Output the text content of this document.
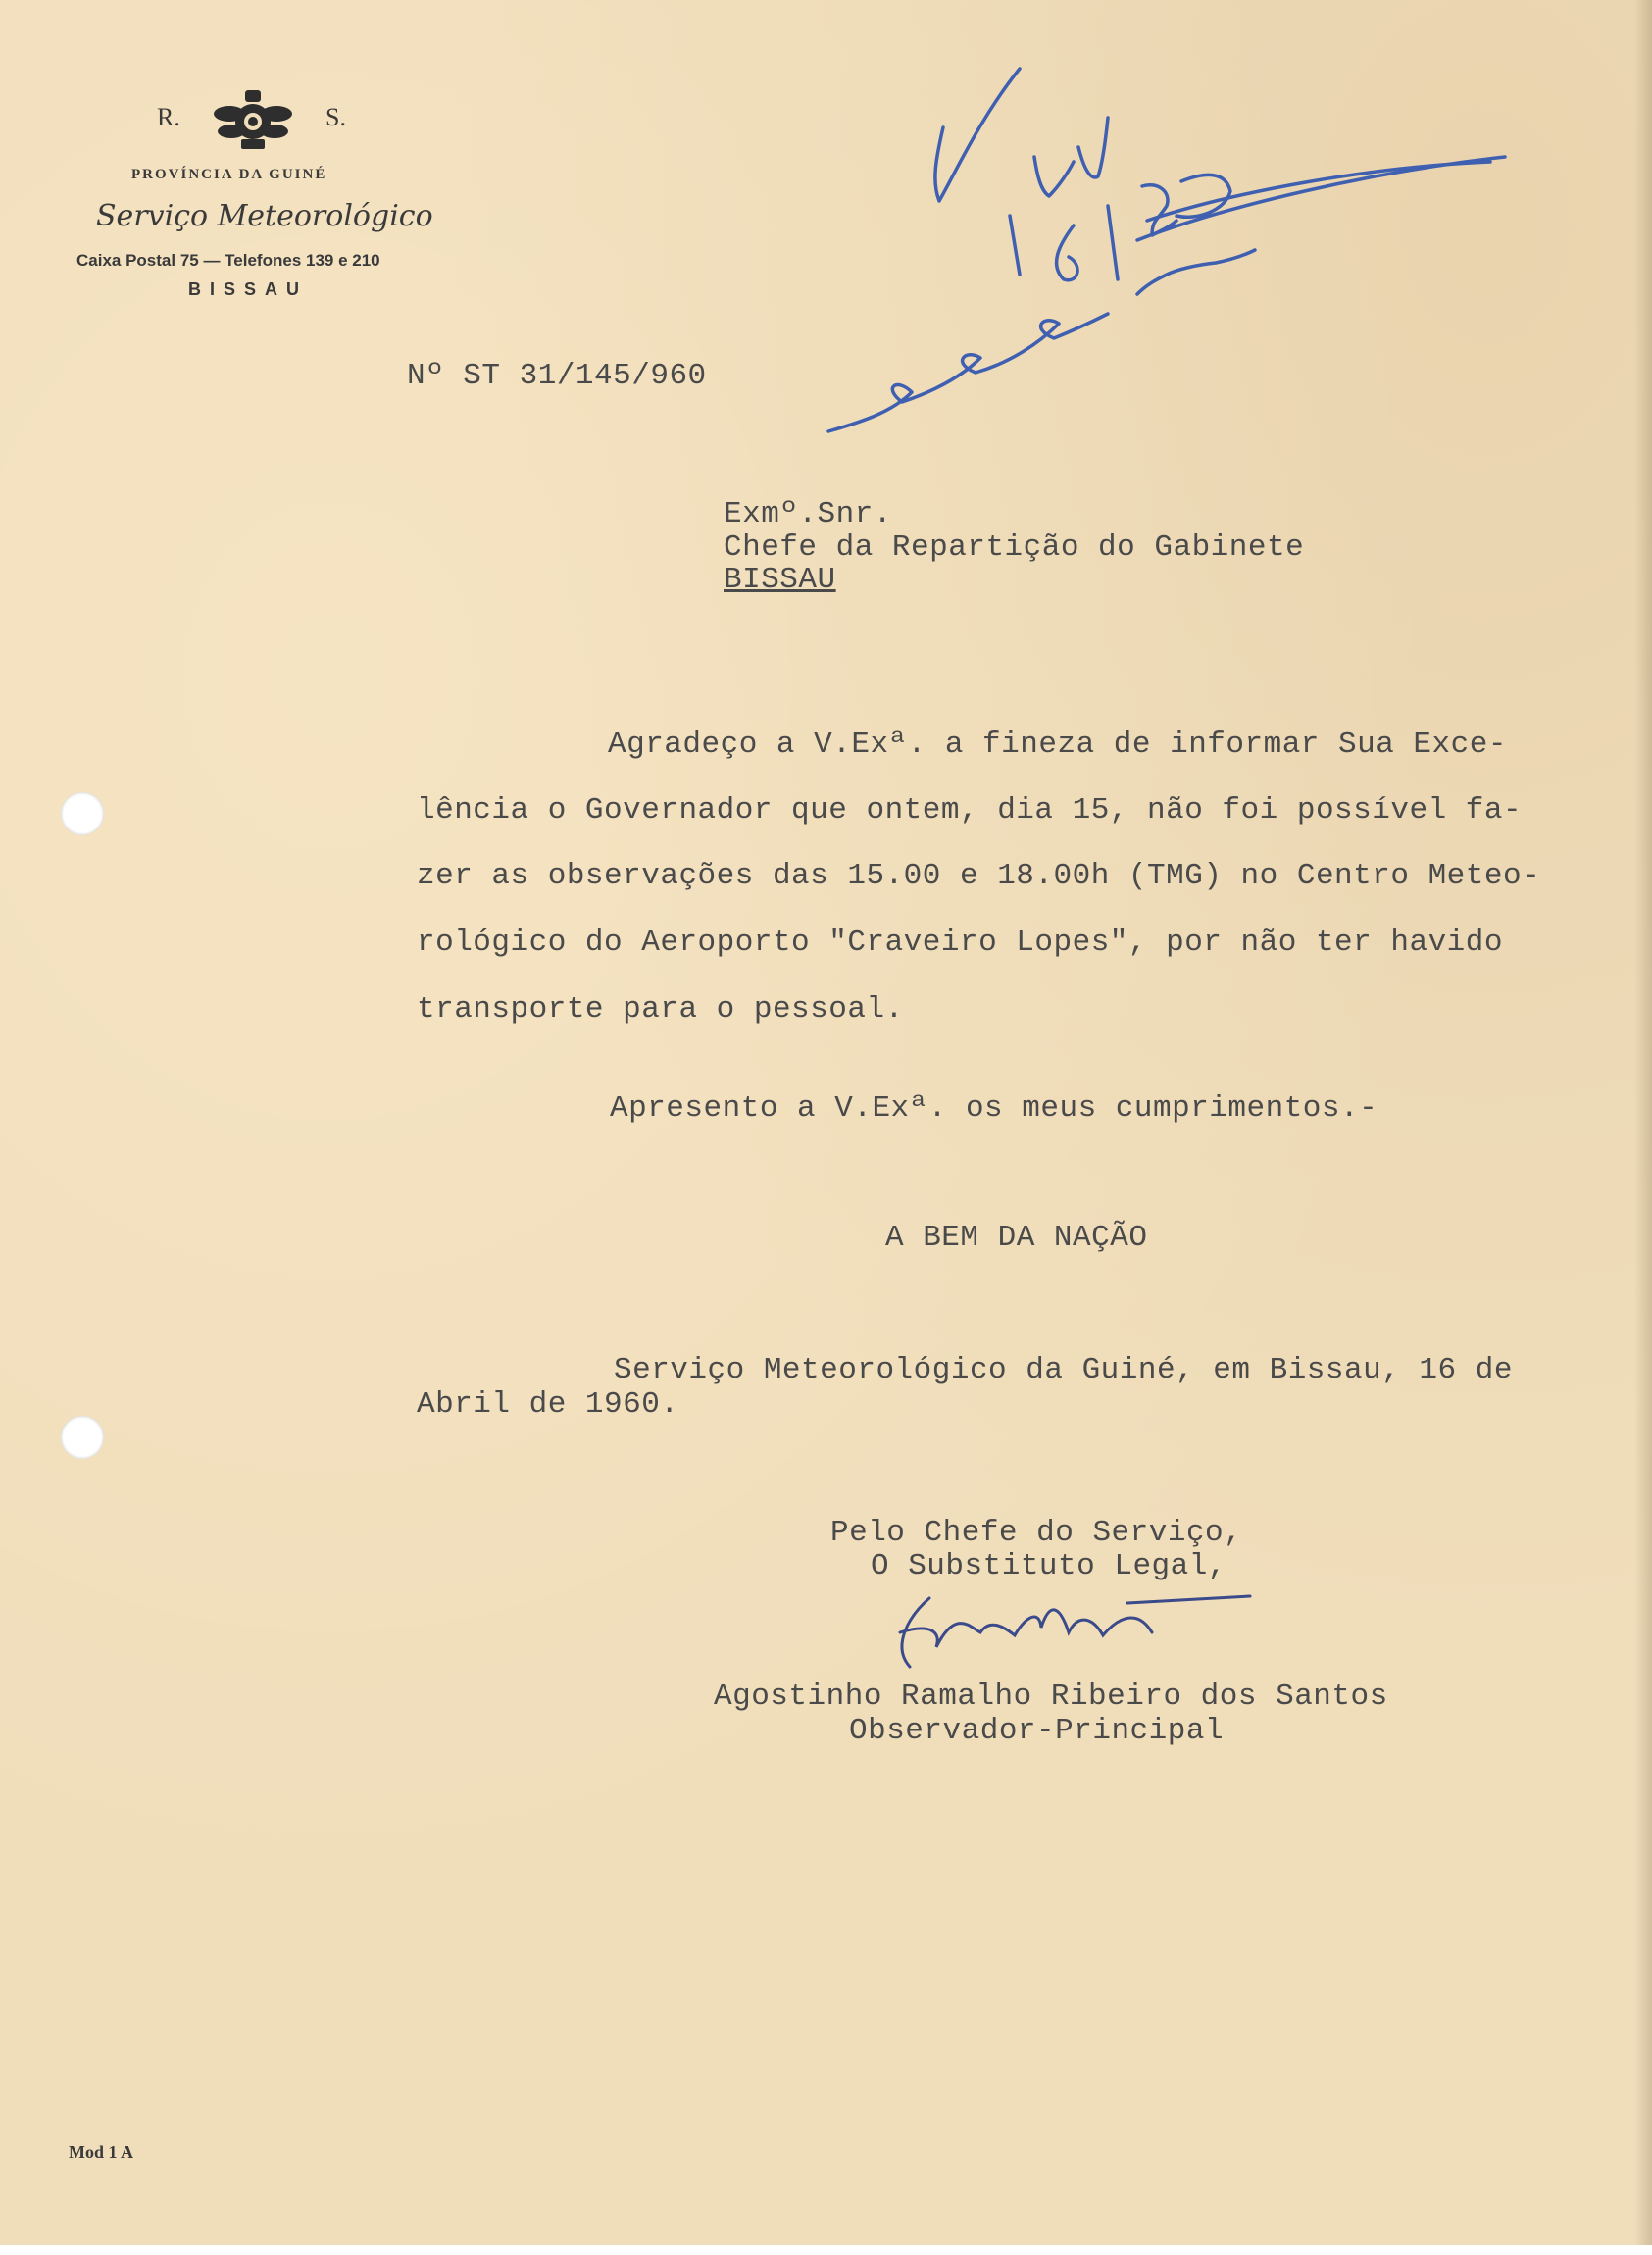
R.	S.
PROVÍNCIA DA GUINÉ
Serviço Meteorológico
Caixa Postal 75 — Telefones 139 e 210
BISSAU
Nº ST 31/145/960
Exmº.Snr.
Chefe da Repartição do Gabinete
BISSAU
Agradeço a V.Exª. a fineza de informar Sua Exce-
lência o Governador que ontem, dia 15, não foi possível fa-
zer as observações das 15.00 e 18.00h (TMG) no Centro Meteo-
rológico do Aeroporto "Craveiro Lopes", por não ter havido
transporte para o pessoal.
Apresento a V.Exª. os meus cumprimentos.-
A BEM DA NAÇÃO
Serviço Meteorológico da Guiné, em Bissau, 16 de
Abril de 1960.
Pelo Chefe do Serviço,
O Substituto Legal,
Agostinho Ramalho Ribeiro dos Santos
Observador-Principal
Mod 1 A
